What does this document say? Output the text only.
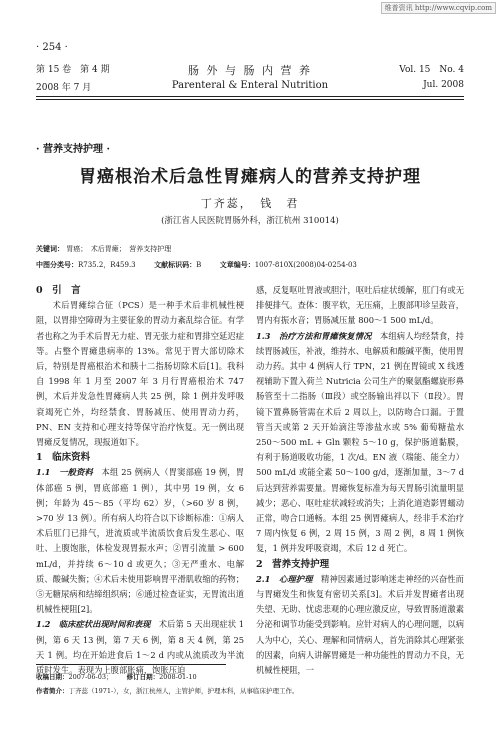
维普资讯 http://www.cqvip.com
· 254 ·
第 15 卷　第 4 期	肠 外 与 肠 内 营 养	Vol. 15　No. 4
2008 年 7 月	Parenteral & Enteral Nutrition	Jul. 2008
· 营养支持护理 ·
胃癌根治术后急性胃瘫病人的营养支持护理
丁齐蕊，　钱　君
(浙江省人民医院胃肠外科，浙江杭州 310014)
关键词： 胃癌；　术后胃瘫；　营养支持护理
中图分类号：R735.2，R459.3	文献标识码：B	文章编号：1007-810X(2008)04-0254-03

0　引　言

术后胃瘫综合征（PCS）是一种手术后非机械性梗阻，以胃排空障碍为主要征象的胃动力紊乱综合征。有学者也称之为手术后胃无力症、胃无张力症和胃排空延迟症等。占整个胃瘫患病率的 13%。常见于胃大部切除术后，特别是胃癌根治术和胰十二指肠切除术后[1]。我科自 1998 年 1 月至 2007 年 3 月行胃癌根治术 747 例，术后并发急性胃瘫病人共 25 例，除 1 例并发呼吸衰竭死亡外，均经禁食、胃肠减压、使用胃动力药，PN、EN 支持和心理支持等保守治疗恢复。无一例出现胃瘫反复情况，现报道如下。

1　临床资料

1.1　一般资料　 本组 25 例病人（胃窦部癌 19 例，胃体部癌 5 例，胃底部癌 1 例），其中男 19 例，女 6 例；年龄为 45～85（平均 62）岁，（>60 岁 8 例，>70 岁 13 例）。所有病人均符合以下诊断标准：①病人术后肛门已排气，进流质或半流质饮食后发生恶心、呕吐、上腹饱胀，体检发现胃振水声；②胃引流量 > 600 mL/d，并持续 6～10 d 或更久；③无严重水、电解质、酸碱失衡；④术后未使用影响胃平滑肌收缩的药物；⑤无糖尿病和结缔组织病；⑥通过检查证实，无胃流出道机械性梗阻[2]。

1.2　临床症状出现时间和表现　 术后第 5 天出现症状 1 例，第 6 天 13 例，第 7 天 6 例，第 8 天 4 例，第 25 天 1 例。均在开始进食后 1～2 d 内或从流质改为半流质时发生。表现为上腹部胀痛，饱胀压迫

感，反复呕吐胃液或胆汁，呕吐后症状缓解，肛门有或无排便排气。查体：腹平软，无压痛，上腹部叩诊呈鼓音，胃内有振水音；胃肠减压量 800～1 500 mL/d。

1.3　治疗方法和胃瘫恢复情况　 本组病人均经禁食，持续胃肠减压，补液，维持水、电解质和酸碱平衡，使用胃动力药。其中 4 例病人行 TPN，21 例在胃镜或 X 线透视辅助下置入荷兰 Nutricia 公司生产的聚氨酯螺旋形鼻肠管至十二指肠（Ⅲ段）或空肠输出袢以下（Ⅱ段）。胃镜下置鼻肠管需在术后 2 周以上，以防吻合口漏。于置管当天或第 2 天开始滴注等渗盐水或 5% 葡萄糖盐水 250～500 mL + Gln 颗粒 5～10 g，保护肠道黏膜，有利于肠道吸收功能，1 次/d。EN 液（瑞能、能全力）500 mL/d 或能全素 50～100 g/d，逐渐加量，3～7 d 后达到营养需要量。胃瘫恢复标准为每天胃肠引流量明显减少；恶心、呕吐症状减轻或消失；上消化道造影胃蠕动正常，吻合口通畅。本组 25 例胃瘫病人，经非手术治疗 7 周内恢复 6 例，2 周 15 例，3 周 2 例，8 周 1 例恢复，1 例并发呼吸衰竭，术后 12 d 死亡。

2　营养支持护理

2.1　心理护理　 精神因素通过影响迷走神经的兴奋性而与胃瘫发生和恢复有密切关系[3]。术后并发胃瘫者出现失望、无助、忧虑悲观的心理应激反应，导致胃肠道激素分泌和调节功能受到影响。应针对病人的心理问题，以病人为中心，关心、理解和同情病人，首先消除其心理紧张的因素，向病人讲解胃瘫是一种功能性的胃动力不良，无机械性梗阻，一

收稿日期：2007-06-03； 修订日期：2008-01-10
作者简介：丁齐蕊（1971-），女，浙江杭州人，主管护师，护理本科，从事临床护理工作。
